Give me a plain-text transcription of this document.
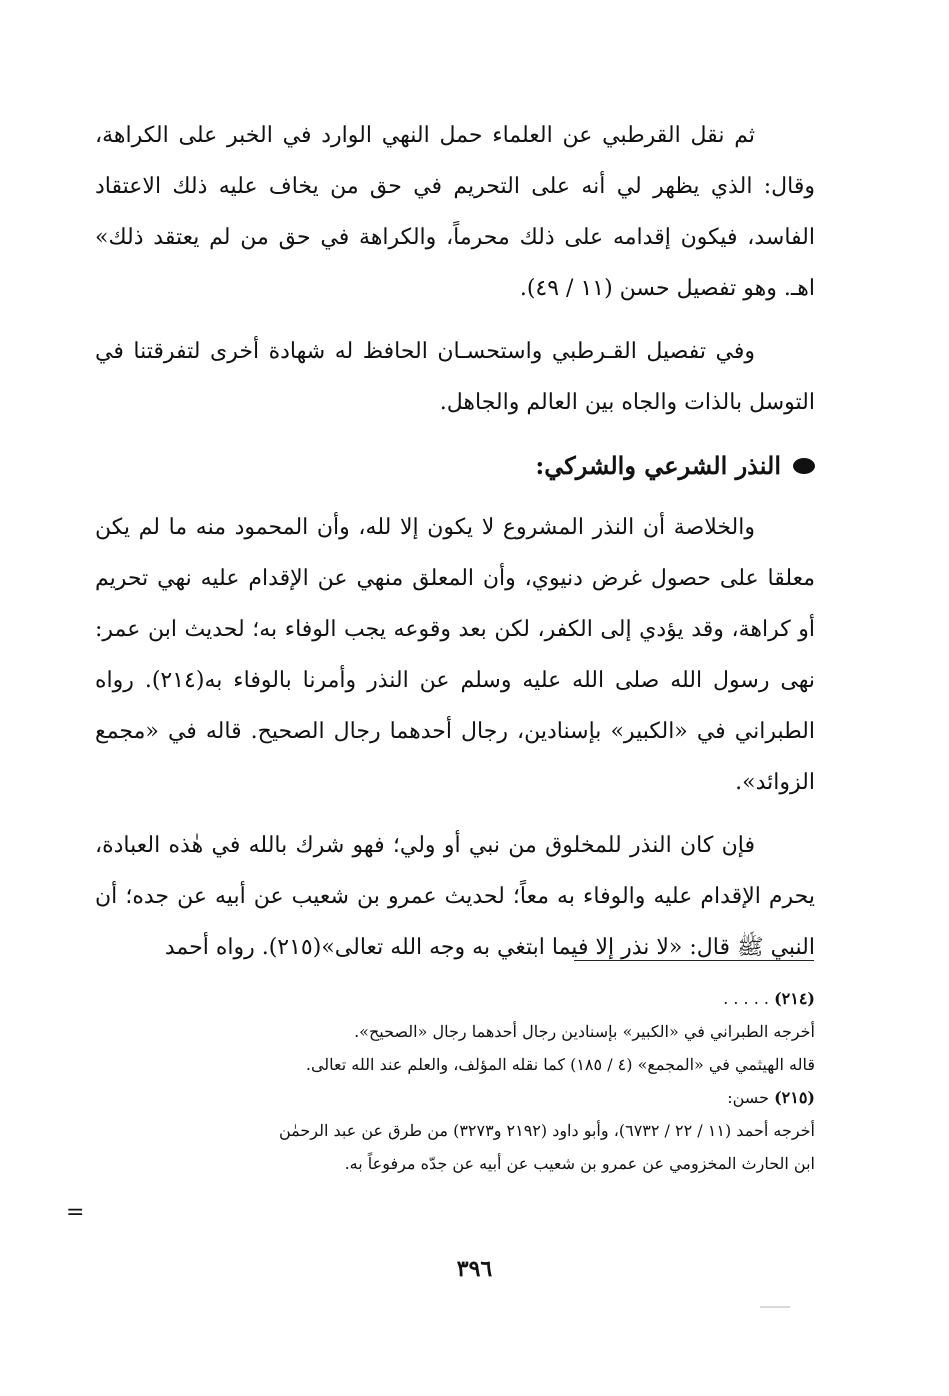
ثم نقل القرطبي عن العلماء حمل النهي الوارد في الخبر على الكراهة، وقال: الذي يظهر لي أنه على التحريم في حق من يخاف عليه ذلك الاعتقاد الفاسد، فيكون إقدامه على ذلك محرماً، والكراهة في حق من لم يعتقد ذلك» اهـ. وهو تفصيل حسن (١١ / ٤٩).

وفي تفصيل القـرطبي واستحسـان الحافظ له شهادة أخرى لتفرقتنا في التوسل بالذات والجاه بين العالم والجاهل.

النذر الشرعي والشركي:

والخلاصة أن النذر المشروع لا يكون إلا لله، وأن المحمود منه ما لم يكن معلقا على حصول غرض دنيوي، وأن المعلق منهي عن الإقدام عليه نهي تحريم أو كراهة، وقد يؤدي إلى الكفر، لكن بعد وقوعه يجب الوفاء به؛ لحديث ابن عمر: نهى رسول الله صلى الله عليه وسلم عن النذر وأمرنا بالوفاء به(٢١٤). رواه الطبراني في «الكبير» بإسنادين، رجال أحدهما رجال الصحيح. قاله في «مجمع الزوائد».

فإن كان النذر للمخلوق من نبي أو ولي؛ فهو شرك بالله في هٰذه العبادة، يحرم الإقدام عليه والوفاء به معاً؛ لحديث عمرو بن شعيب عن أبيه عن جده؛ أن النبي ﷺ قال: «لا نذر إلا فيما ابتغي به وجه الله تعالى»(٢١٥). رواه أحمد

(٢١٤) . . . . .

أخرجه الطبراني في «الكبير» بإسنادين رجال أحدهما رجال «الصحيح».

قاله الهيثمي في «المجمع» (٤ / ١٨٥) كما نقله المؤلف، والعلم عند الله تعالى.

(٢١٥) حسن:

أخرجه أحمد (١١ / ٢٢ / ٦٧٣٢)، وأبو داود (٢١٩٢ و٣٢٧٣) من طرق عن عبد الرحمٰن

ابن الحارث المخزومي عن عمرو بن شعيب عن أبيه عن جدّه مرفوعاً به.

=
٣٩٦
